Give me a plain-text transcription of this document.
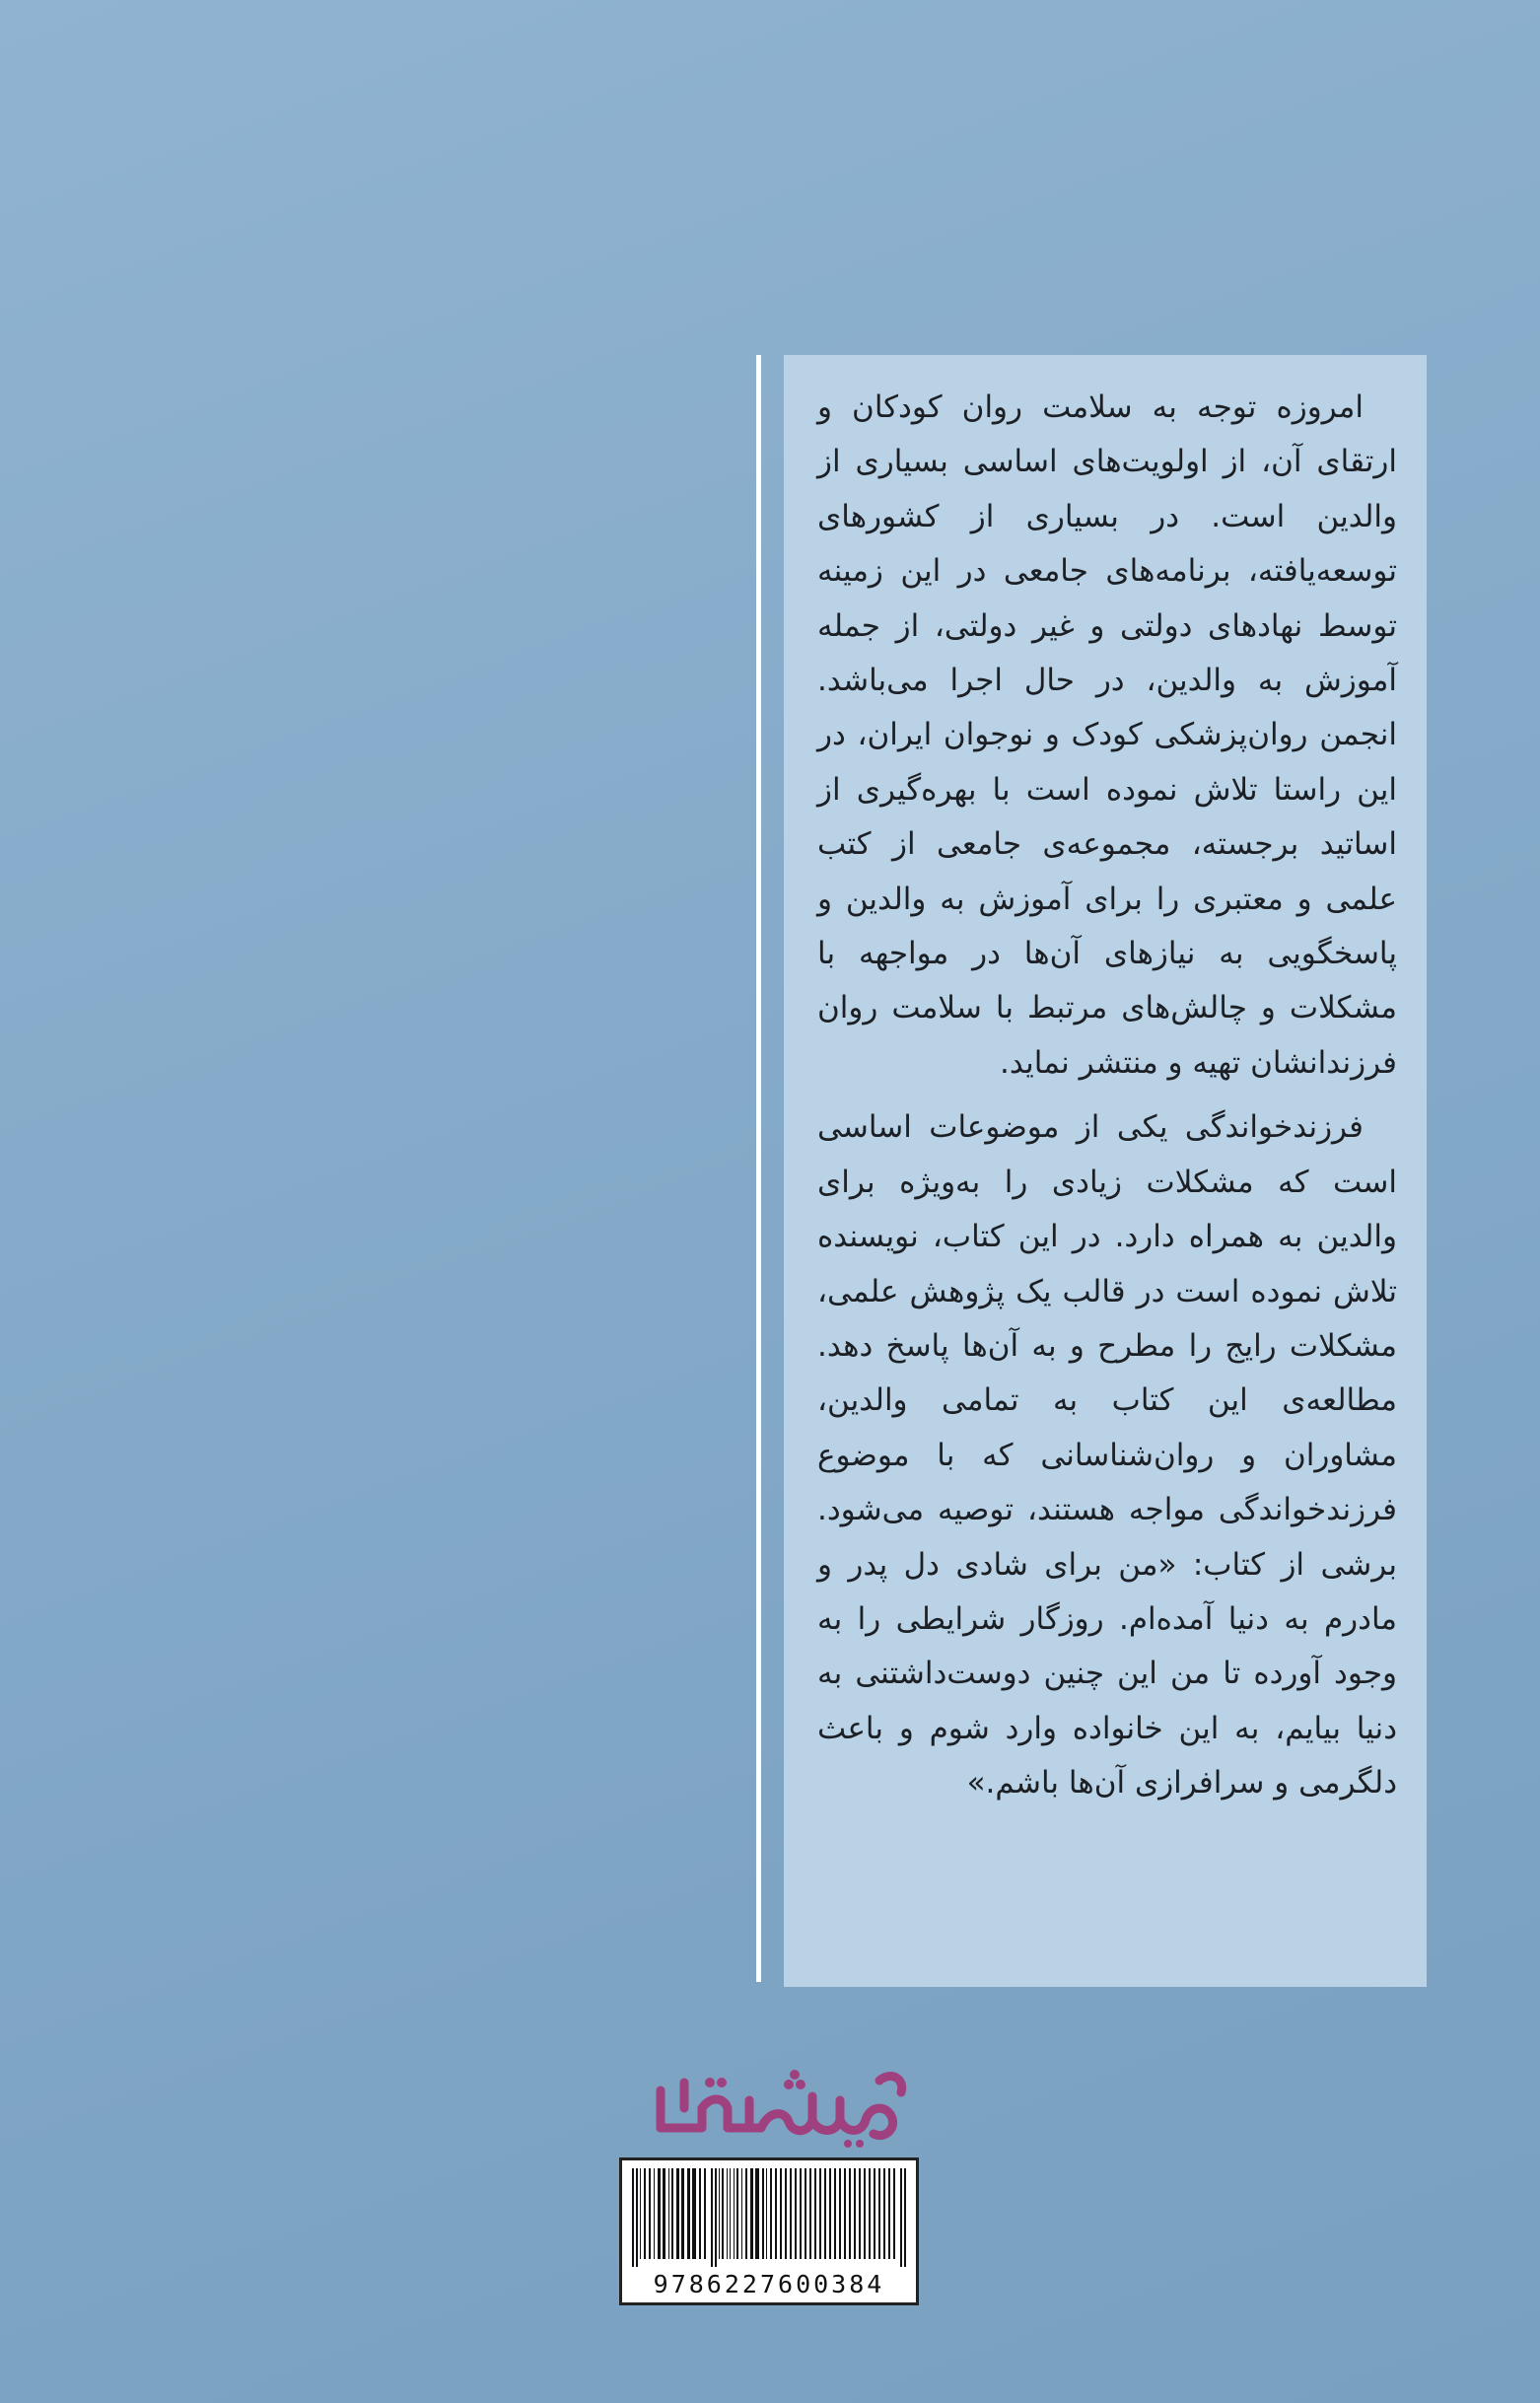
امروزه توجه به سلامت روان کودکان و ارتقای آن، از اولویت‌های اساسی بسیاری از والدین است. در بسیاری از کشورهای توسعه‌یافته، برنامه‌های جامعی در این زمینه توسط نهادهای دولتی و غیر دولتی، از جمله آموزش به والدین، در حال اجرا می‌باشد. انجمن روان‌پزشکی کودک و نوجوان ایران، در این راستا تلاش نموده است با بهره‌گیری از اساتید برجسته، مجموعه‌ی جامعی از کتب علمی و معتبری را برای آموزش به والدین و پاسخگویی به نیازهای آن‌ها در مواجهه با مشکلات و چالش‌های مرتبط با سلامت روان فرزندانشان تهیه و منتشر نماید.

فرزندخواندگی یکی از موضوعات اساسی است که مشکلات زیادی را به‌ویژه برای والدین به همراه دارد. در این کتاب، نویسنده تلاش نموده است در قالب یک پژوهش علمی، مشکلات رایج را مطرح و به آن‌ها پاسخ دهد. مطالعه‌ی این کتاب به تمامی والدین، مشاوران و روان‌شناسانی که با موضوع فرزندخواندگی مواجه هستند، توصیه می‌شود. برشی از کتاب: «من برای شادی دل پدر و مادرم به دنیا آمده‌ام. روزگار شرایطی را به وجود آورده تا من این چنین دوست‌داشتنی به دنیا بیایم، به این خانواده وارد شوم و باعث دلگرمی و سرافرازی آن‌ها باشم.»

9786227600384
